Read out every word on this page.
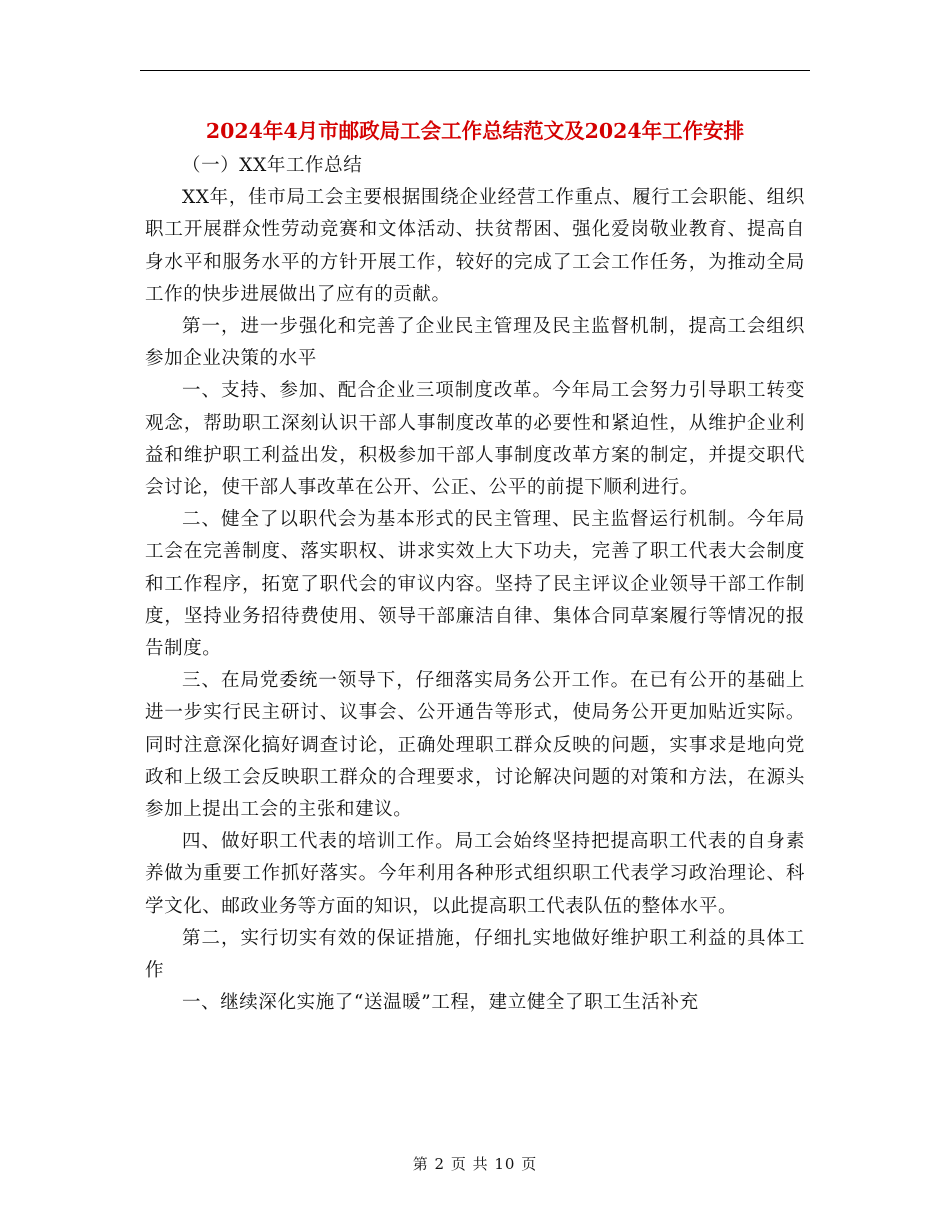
2024年4月市邮政局工会工作总结范文及2024年工作安排

（一）XX年工作总结

XX年，佳市局工会主要根据围绕企业经营工作重点、履行工会职能、组织职工开展群众性劳动竞赛和文体活动、扶贫帮困、强化爱岗敬业教育、提高自身水平和服务水平的方针开展工作，较好的完成了工会工作任务，为推动全局工作的快步进展做出了应有的贡献。

第一，进一步强化和完善了企业民主管理及民主监督机制，提高工会组织参加企业决策的水平

一、支持、参加、配合企业三项制度改革。今年局工会努力引导职工转变观念，帮助职工深刻认识干部人事制度改革的必要性和紧迫性，从维护企业利益和维护职工利益出发，积极参加干部人事制度改革方案的制定，并提交职代会讨论，使干部人事改革在公开、公正、公平的前提下顺利进行。

二、健全了以职代会为基本形式的民主管理、民主监督运行机制。今年局工会在完善制度、落实职权、讲求实效上大下功夫，完善了职工代表大会制度和工作程序，拓宽了职代会的审议内容。坚持了民主评议企业领导干部工作制度，坚持业务招待费使用、领导干部廉洁自律、集体合同草案履行等情况的报告制度。

三、在局党委统一领导下，仔细落实局务公开工作。在已有公开的基础上进一步实行民主研讨、议事会、公开通告等形式，使局务公开更加贴近实际。同时注意深化搞好调查讨论，正确处理职工群众反映的问题，实事求是地向党政和上级工会反映职工群众的合理要求，讨论解决问题的对策和方法，在源头参加上提出工会的主张和建议。

四、做好职工代表的培训工作。局工会始终坚持把提高职工代表的自身素养做为重要工作抓好落实。今年利用各种形式组织职工代表学习政治理论、科学文化、邮政业务等方面的知识，以此提高职工代表队伍的整体水平。

第二，实行切实有效的保证措施，仔细扎实地做好维护职工利益的具体工作

一、继续深化实施了“送温暖”工程，建立健全了职工生活补充

第 2 页 共 10 页
